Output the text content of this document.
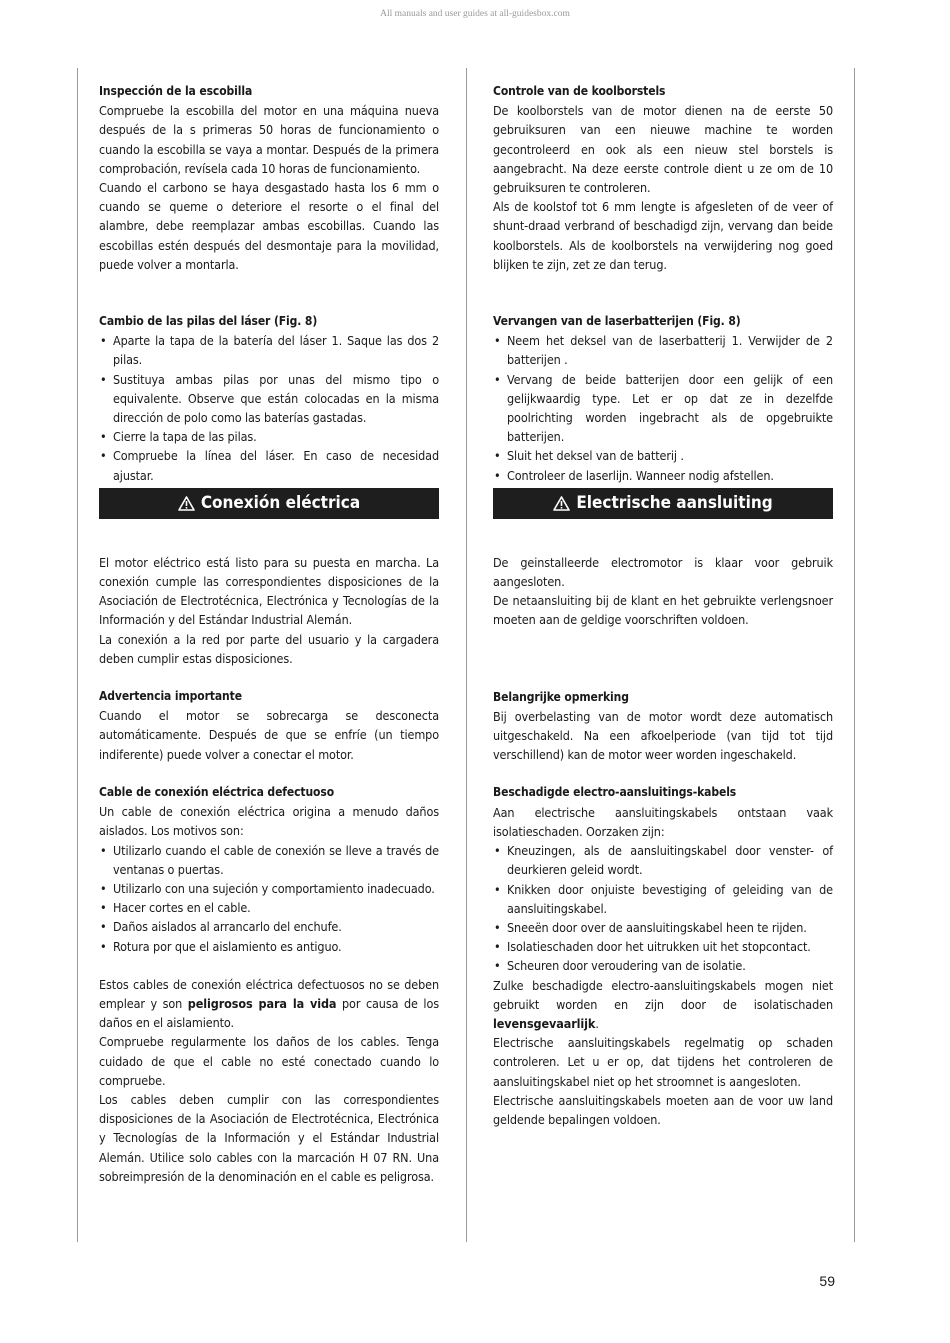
All manuals and user guides at all-guidesbox.com

Inspección de la escobilla

Compruebe la escobilla del motor en una máquina nueva después de la s primeras 50 horas de funcionamiento o cuando la escobilla se vaya a montar. Después de la primera comprobación, revísela cada 10 horas de funcionamiento.

Cuando el carbono se haya desgastado hasta los 6 mm o cuando se queme o deteriore el resorte o el final del alambre, debe reemplazar ambas escobillas. Cuando las escobillas estén después del desmontaje para la movilidad, puede volver a montarla.

Cambio de las pilas del láser (Fig. 8)

• Aparte la tapa de la batería del láser 1. Saque las dos 2 pilas.
• Sustituya ambas pilas por unas del mismo tipo o equivalente. Observe que están colocadas en la misma dirección de polo como las baterías gastadas.
• Cierre la tapa de las pilas.
• Compruebe la línea del láser. En caso de necesidad ajustar.
Conexión eléctrica

El motor eléctrico está listo para su puesta en marcha. La conexión cumple las correspondientes disposiciones de la Asociación de Electrotécnica, Electrónica y Tecnologías de la Información y del Estándar Industrial Alemán.

La conexión a la red por parte del usuario y la cargadera deben cumplir estas disposiciones.

Advertencia importante

Cuando el motor se sobrecarga se desconecta automáticamente. Después de que se enfríe (un tiempo indiferente) puede volver a conectar el motor.

Cable de conexión eléctrica defectuoso

Un cable de conexión eléctrica origina a menudo daños aislados. Los motivos son:

• Utilizarlo cuando el cable de conexión se lleve a través de ventanas o puertas.
• Utilizarlo con una sujeción y comportamiento inadecuado.
• Hacer cortes en el cable.
• Daños aislados al arrancarlo del enchufe.
• Rotura por que el aislamiento es antiguo.

Estos cables de conexión eléctrica defectuosos no se deben emplear y son peligrosos para la vida por causa de los daños en el aislamiento.

Compruebe regularmente los daños de los cables. Tenga cuidado de que el cable no esté conectado cuando lo compruebe.

Los cables deben cumplir con las correspondientes disposiciones de la Asociación de Electrotécnica, Electrónica y Tecnologías de la Información y el Estándar Industrial Alemán. Utilice solo cables con la marcación H 07 RN. Una sobreimpresión de la denominación en el cable es peligrosa.

Controle van de koolborstels

De koolborstels van de motor dienen na de eerste 50 gebruiksuren van een nieuwe machine te worden gecontroleerd en ook als een nieuw stel borstels is aangebracht. Na deze eerste controle dient u ze om de 10 gebruiksuren te controleren.

Als de koolstof tot 6 mm lengte is afgesleten of de veer of shunt-draad verbrand of beschadigd zijn, vervang dan beide koolborstels. Als de koolborstels na verwijdering nog goed blijken te zijn, zet ze dan terug.

Vervangen van de laserbatterijen (Fig. 8)

• Neem het deksel van de laserbatterij 1. Verwijder de 2 batterijen .
• Vervang de beide batterijen door een gelijk of een gelijkwaardig type. Let er op dat ze in dezelfde poolrichting worden ingebracht als de opgebruikte batterijen.
• Sluit het deksel van de batterij .
• Controleer de laserlijn. Wanneer nodig afstellen.
Electrische aansluiting

De geinstalleerde electromotor is klaar voor gebruik aangesloten.

De netaansluiting bij de klant en het gebruikte verlengsnoer moeten aan de geldige voorschriften voldoen.

Belangrijke opmerking

Bij overbelasting van de motor wordt deze automatisch uitgeschakeld. Na een afkoelperiode (van tijd tot tijd verschillend) kan de motor weer worden ingeschakeld.

Beschadigde electro-aansluitings-kabels

Aan electrische aansluitingskabels ontstaan vaak isolatieschaden. Oorzaken zijn:

• Kneuzingen, als de aansluitingskabel door venster- of deurkieren geleid wordt.
• Knikken door onjuiste bevestiging of geleiding van de aansluitingskabel.
• Sneeën door over de aansluitingskabel heen te rijden.
• Isolatieschaden door het uitrukken uit het stopcontact.
• Scheuren door veroudering van de isolatie.

Zulke beschadigde electro-aansluitingskabels mogen niet gebruikt worden en zijn door de isolatischaden levensgevaarlijk.

Electrische aansluitingskabels regelmatig op schaden controleren. Let u er op, dat tijdens het controleren de aansluitingskabel niet op het stroomnet is aangesloten.

Electrische aansluitingskabels moeten aan de voor uw land geldende bepalingen voldoen.

59
